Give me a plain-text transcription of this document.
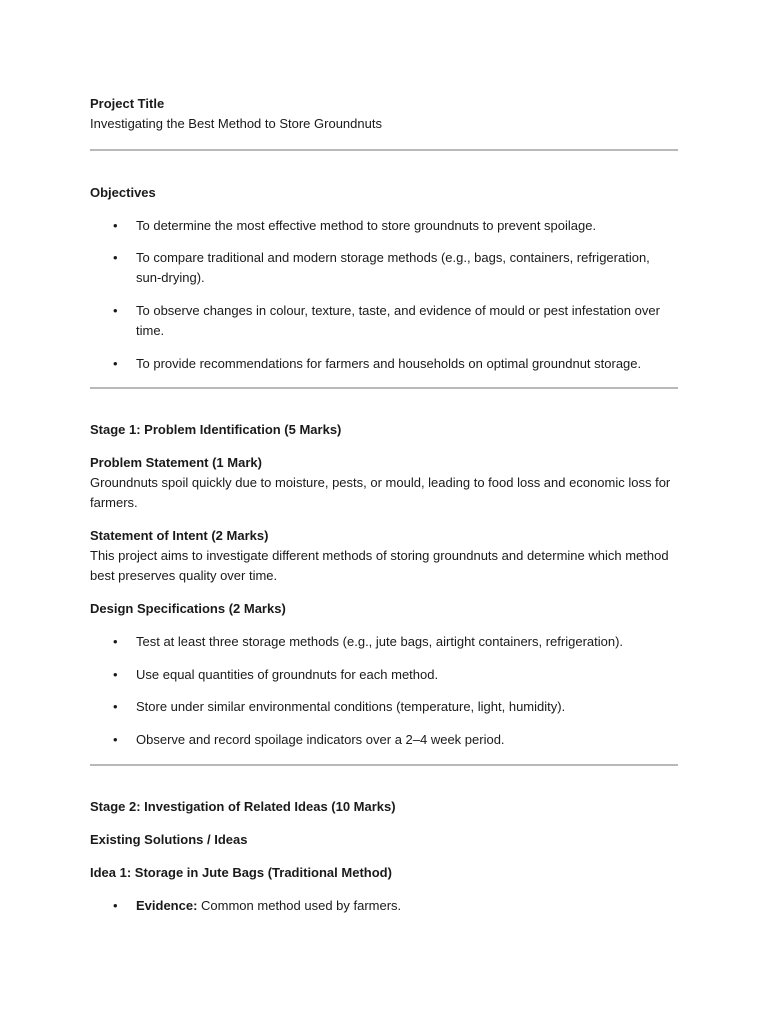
Project Title

Investigating the Best Method to Store Groundnuts

Objectives

• To determine the most effective method to store groundnuts to prevent spoilage.
• To compare traditional and modern storage methods (e.g., bags, containers, refrigeration, sun-drying).
• To observe changes in colour, texture, taste, and evidence of mould or pest infestation over time.
• To provide recommendations for farmers and households on optimal groundnut storage.

Stage 1: Problem Identification (5 Marks)

Problem Statement (1 Mark)

Groundnuts spoil quickly due to moisture, pests, or mould, leading to food loss and economic loss for farmers.

Statement of Intent (2 Marks)

This project aims to investigate different methods of storing groundnuts and determine which method best preserves quality over time.

Design Specifications (2 Marks)

• Test at least three storage methods (e.g., jute bags, airtight containers, refrigeration).
• Use equal quantities of groundnuts for each method.
• Store under similar environmental conditions (temperature, light, humidity).
• Observe and record spoilage indicators over a 2–4 week period.

Stage 2: Investigation of Related Ideas (10 Marks)

Existing Solutions / Ideas

Idea 1: Storage in Jute Bags (Traditional Method)

• Evidence: Common method used by farmers.
